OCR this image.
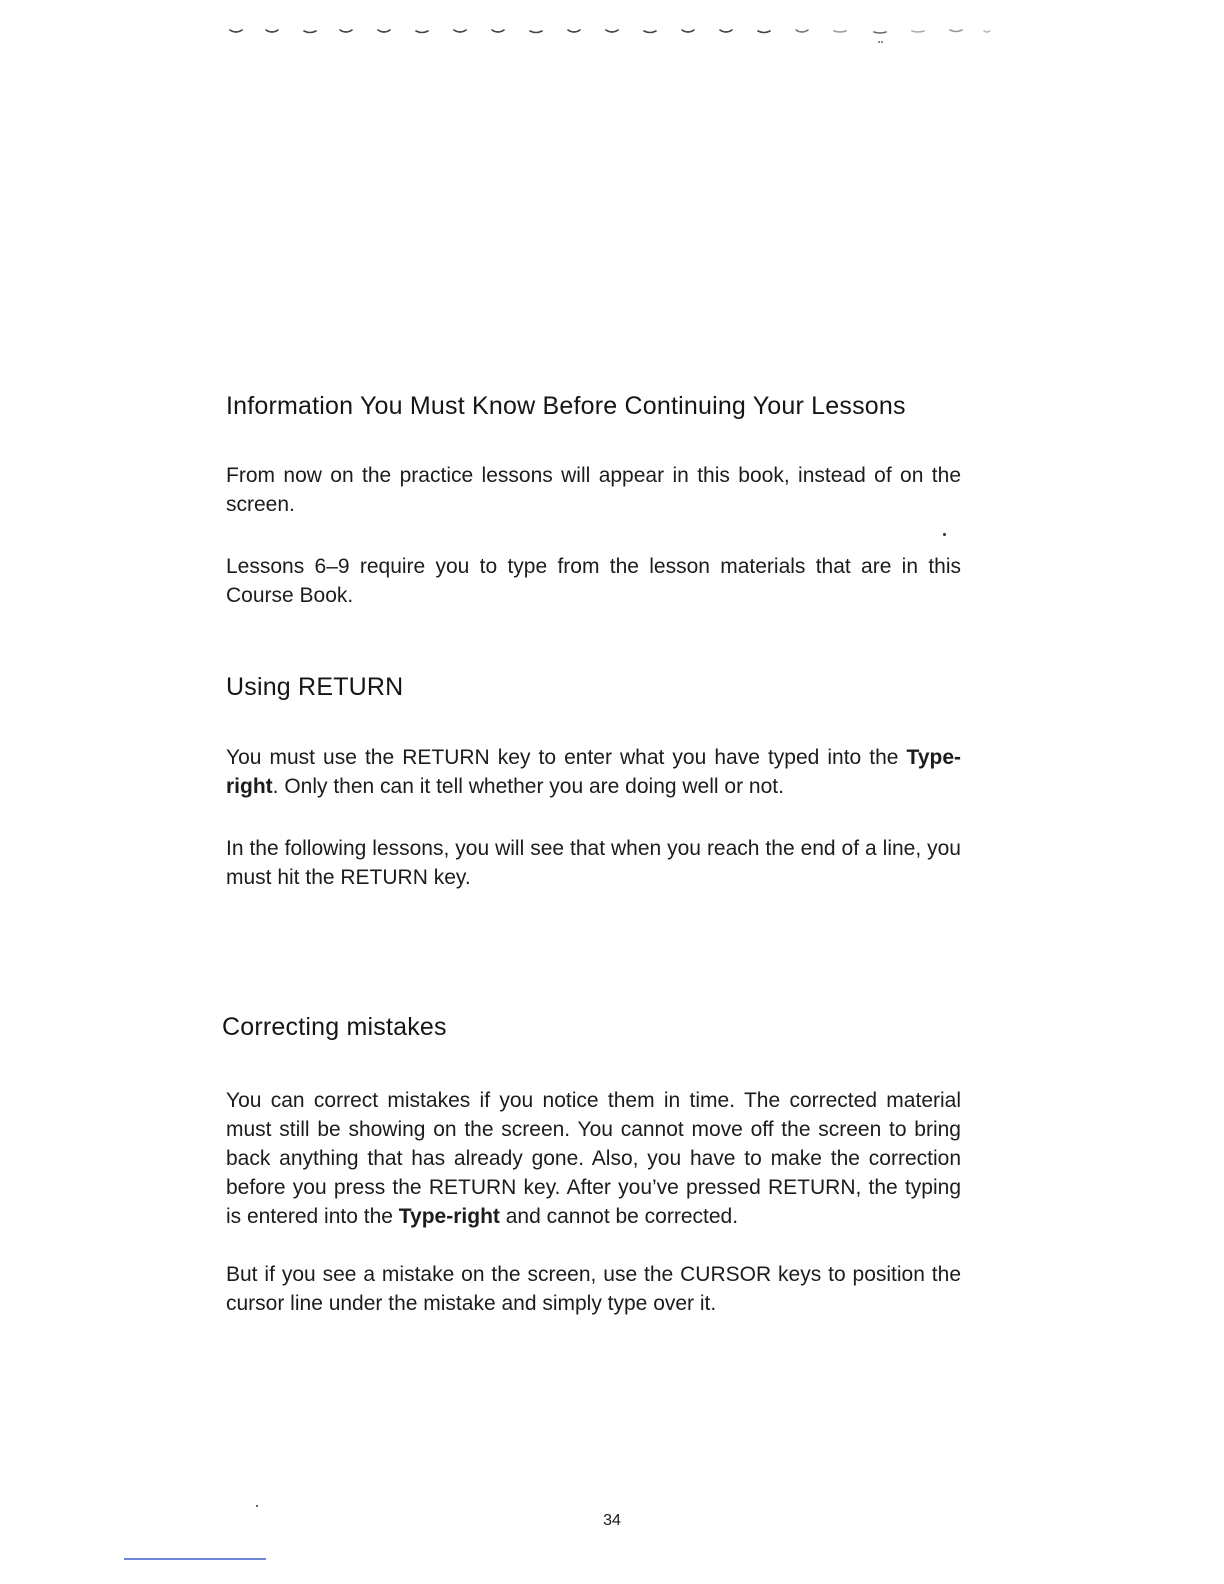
Information You Must Know Before Continuing Your Lessons

From now on the practice lessons will appear in this book, instead of on the screen.

Lessons 6–9 require you to type from the lesson materials that are in this Course Book.

Using RETURN

You must use the RETURN key to enter what you have typed into the Type-right. Only then can it tell whether you are doing well or not.

In the following lessons, you will see that when you reach the end of a line, you must hit the RETURN key.

Correcting mistakes

You can correct mistakes if you notice them in time. The corrected material must still be showing on the screen. You cannot move off the screen to bring back anything that has already gone. Also, you have to make the correction before you press the RETURN key. After you’ve pressed RETURN, the typing is entered into the Type-right and cannot be corrected.

But if you see a mistake on the screen, use the CURSOR keys to position the cursor line under the mistake and simply type over it.

34
